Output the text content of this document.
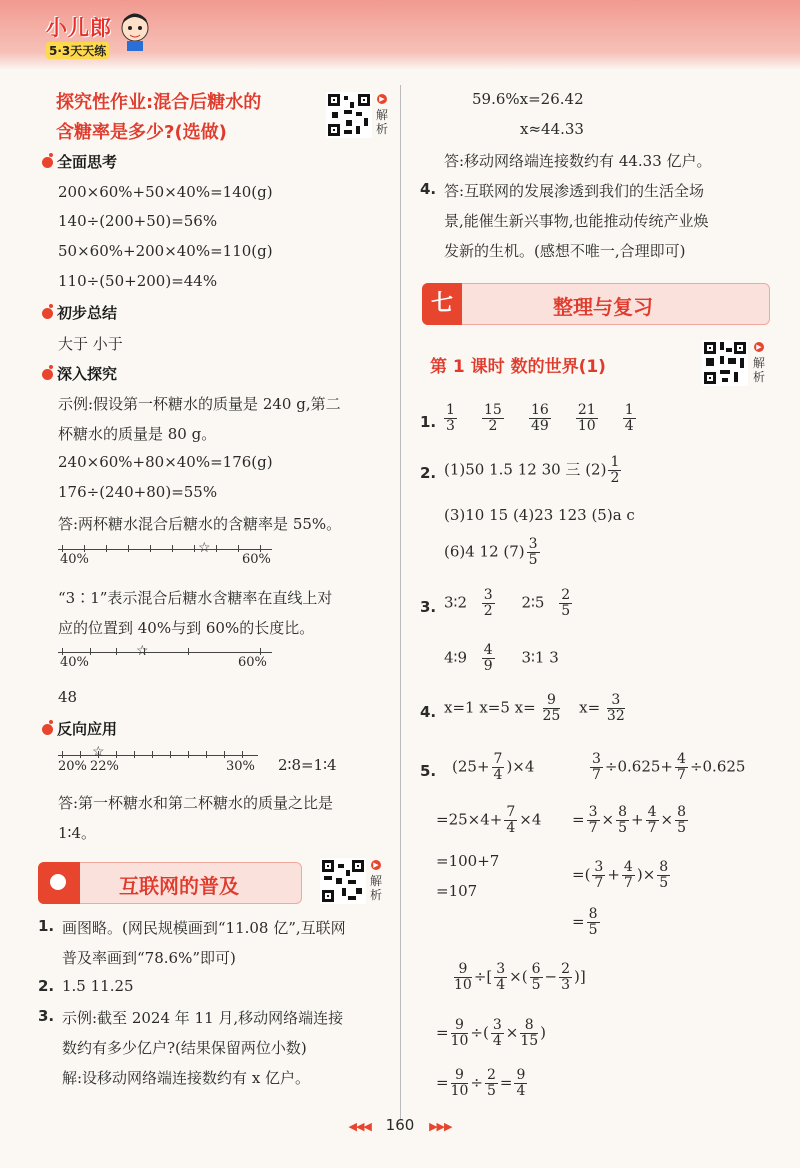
小儿郎
5·3天天练
探究性作业:混合后糖水的
含糖率是多少?(选做)
▶
解析
全面思考
200×60%+50×40%=140(g)
140÷(200+50)=56%
50×60%+200×40%=110(g)
110÷(50+200)=44%
初步总结
大于 小于
深入探究
示例:假设第一杯糖水的质量是 240 g,第二
杯糖水的质量是 80 g。
240×60%+80×40%=176(g)
176÷(240+80)=55%
答:两杯糖水混合后糖水的含糖率是 55%。
☆
40%	60%
“3∶1”表示混合后糖水含糖率在直线上对
应的位置到 40%与到 60%的长度比。
☆
40%	60%
48
反向应用
☆
20% 22%	30% 2∶8=1∶4
答:第一杯糖水和第二杯糖水的质量之比是
1∶4。
互联网的普及
▶
解析
1. 画图略。(网民规模画到“11.08 亿”,互联网
普及率画到“78.6%”即可)
2. 1.5 11.25
3. 示例:截至 2024 年 11 月,移动网络端连接
数约有多少亿户?(结果保留两位小数)
解:设移动网络端连接数约有 x 亿户。
59.6%x=26.42
x≈44.33
答:移动网络端连接数约有 44.33 亿户。
4. 答:互联网的发展渗透到我们的生活全场
景,能催生新兴事物,也能推动传统产业焕
发新的生机。(感想不唯一,合理即可)
七	整理与复习
第 1 课时 数的世界(1)
▶
解析
1. $\frac{1}{3}$
$\frac{15}{2}$
$\frac{16}{49}$
$\frac{21}{10}$
$\frac{1}{4}$
2. (1)50 1.5 12 30 三 $(2) \frac{1}{2}$
(3)10 15 (4)23 123 (5)a c
(6)4 12 $(7) \frac{3}{5}$
3. 3∶2 $\frac{3}{2}$ 2∶5 $\frac{2}{5}$
4∶9 $\frac{4}{9}$ 3∶1 3
4. x=1 x=5 $x= \frac{9}{25} x= \frac{3}{32}$
5. $(25+ \frac{7}{4} )\times 4$
$=25\times 4+ \frac{7}{4} \times 4$
=100+7
=107
$\frac{3}{7} \div 0.625+ \frac{4}{7} \div 0.625$
= $\frac{3}{7} \times \frac{8}{5} + \frac{4}{7} \times \frac{8}{5}$
=( $\frac{3}{7} + \frac{4}{7}$ )× $\frac{8}{5}$
= $\frac{8}{5}$
$\frac{9}{10}$ ÷[ $\frac{3}{4}$ ×( $\frac{6}{5} - \frac{2}{3}$ )]
= $\frac{9}{10}$ ÷( $\frac{3}{4} \times \frac{8}{15}$ )
= $\frac{9}{10} \div \frac{2}{5} = \frac{9}{4}$
◀◀◀ 160 ▶▶▶
